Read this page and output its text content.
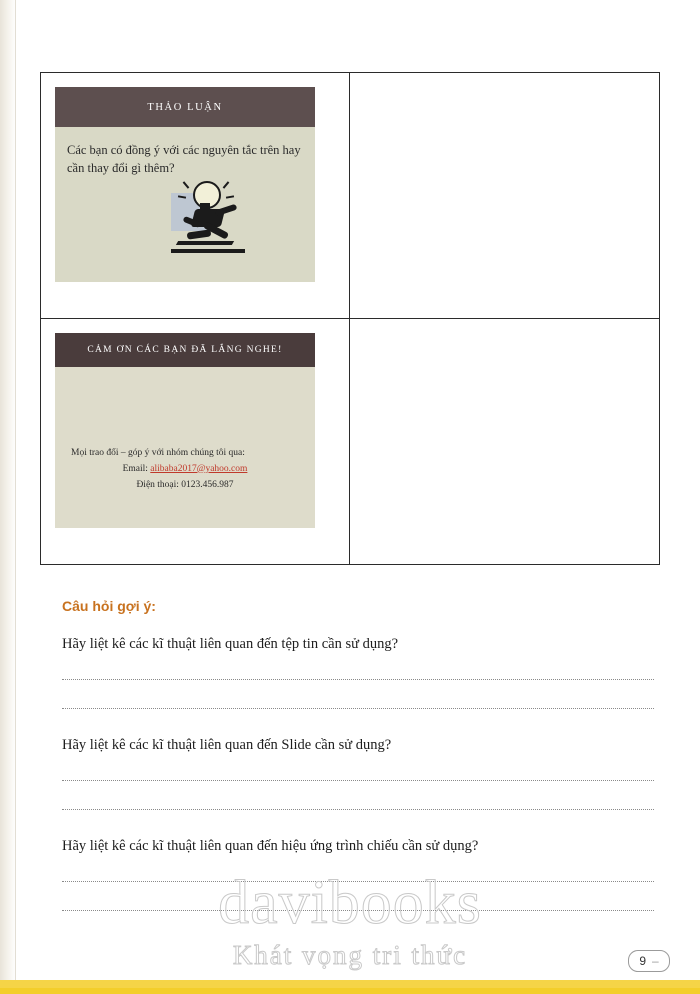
THẢO LUẬN
Các bạn có đồng ý với các nguyên tắc trên hay cần thay đổi gì thêm?
CẢM ƠN CÁC BẠN ĐÃ LẮNG NGHE!
Mọi trao đổi – góp ý với nhóm chúng tôi qua:
Email: alibaba2017@yahoo.com
Điện thoại: 0123.456.987
Câu hỏi gợi ý:
Hãy liệt kê các kĩ thuật liên quan đến tệp tin cần sử dụng?
Hãy liệt kê các kĩ thuật liên quan đến Slide cần sử dụng?
Hãy liệt kê các kĩ thuật liên quan đến hiệu ứng trình chiếu cần sử dụng?
davibooks
Khát vọng tri thức	9 –
